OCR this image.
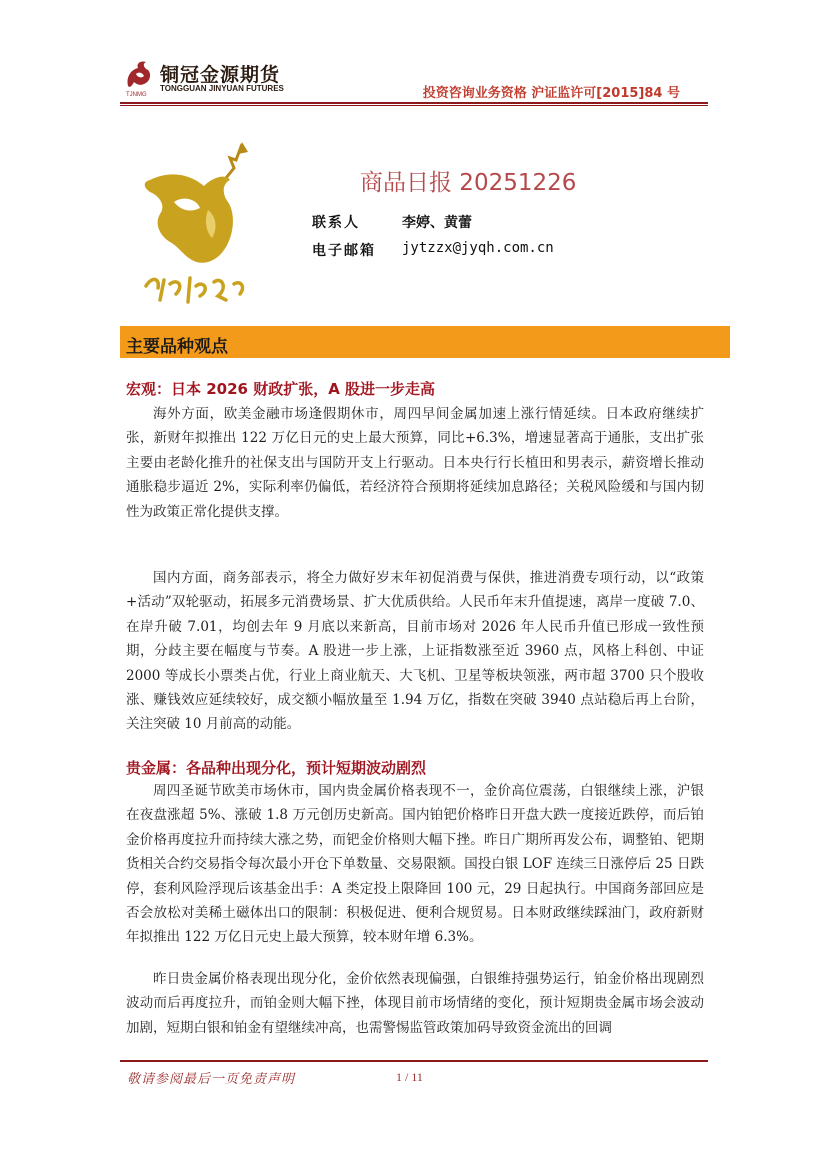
铜冠金源期货
TONGGUAN JINYUAN FUTURES
TJNMG	投资咨询业务资格 沪证监许可[2015]84 号
商品日报 20251226
联系人	李婷、黄蕾
电子邮箱 jytzzx@jyqh.com.cn
主要品种观点
宏观：日本 2026 财政扩张，A 股进一步走高
海外方面，欧美金融市场逢假期休市，周四早间金属加速上涨行情延续。日本政府继续扩张，新财年拟推出 122 万亿日元的史上最大预算，同比+6.3%，增速显著高于通胀，支出扩张主要由老龄化推升的社保支出与国防开支上行驱动。日本央行行长植田和男表示，薪资增长推动通胀稳步逼近 2%，实际利率仍偏低，若经济符合预期将延续加息路径；关税风险缓和与国内韧性为政策正常化提供支撑。
国内方面，商务部表示，将全力做好岁末年初促消费与保供，推进消费专项行动，以“政策+活动”双轮驱动，拓展多元消费场景、扩大优质供给。人民币年末升值提速，离岸一度破 7.0、在岸升破 7.01，均创去年 9 月底以来新高，目前市场对 2026 年人民币升值已形成一致性预期，分歧主要在幅度与节奏。A 股进一步上涨，上证指数涨至近 3960 点，风格上科创、中证 2000 等成长小票类占优，行业上商业航天、大飞机、卫星等板块领涨，两市超 3700 只个股收涨、赚钱效应延续较好，成交额小幅放量至 1.94 万亿，指数在突破 3940 点站稳后再上台阶，关注突破 10 月前高的动能。
贵金属：各品种出现分化，预计短期波动剧烈
周四圣诞节欧美市场休市，国内贵金属价格表现不一，金价高位震荡，白银继续上涨，沪银在夜盘涨超 5%、涨破 1.8 万元创历史新高。国内铂钯价格昨日开盘大跌一度接近跌停，而后铂金价格再度拉升而持续大涨之势，而钯金价格则大幅下挫。昨日广期所再发公布，调整铂、钯期货相关合约交易指令每次最小开仓下单数量、交易限额。国投白银 LOF 连续三日涨停后 25 日跌停，套利风险浮现后该基金出手：A 类定投上限降回 100 元，29 日起执行。中国商务部回应是否会放松对美稀土磁体出口的限制：积极促进、便利合规贸易。日本财政继续踩油门，政府新财年拟推出 122 万亿日元史上最大预算，较本财年增 6.3%。
昨日贵金属价格表现出现分化，金价依然表现偏强，白银维持强势运行，铂金价格出现剧烈波动而后再度拉升，而铂金则大幅下挫，体现目前市场情绪的变化，预计短期贵金属市场会波动加剧，短期白银和铂金有望继续冲高，也需警惕监管政策加码导致资金流出的回调
敬请参阅最后一页免责声明	1 / 11
